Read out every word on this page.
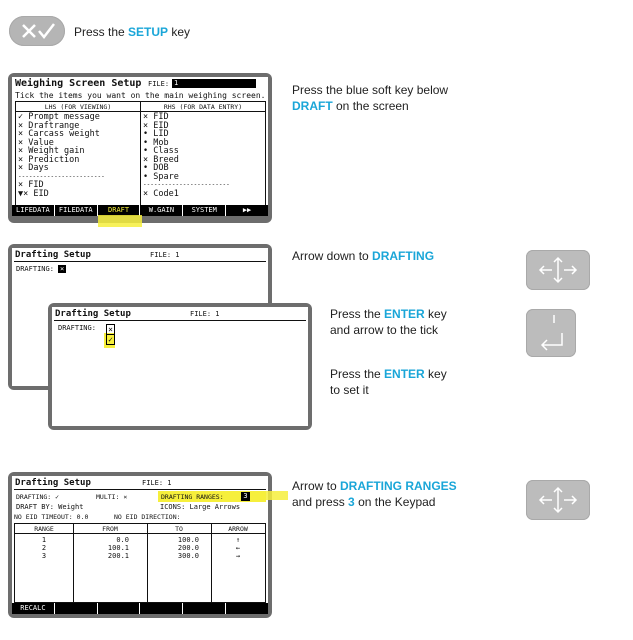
Press the SETUP key
Weighing Screen Setup FILE: 1
Tick the items you want on the main weighing screen.
LHS (FOR VIEWING)	RHS (FOR DATA ENTRY)
✓ Prompt message
× Draftrange
× Carcass weight
× Value
× Weight gain
× Prediction
× Days
------------------------
× FID
▼× EID
× FID
× EID
• LID
• Mob
• Class
× Breed
• DOB
• Spare
------------------------
× Code1
LIFEDATA	FILEDATA	DRAFT	W.GAIN	SYSTEM	▶▶
Press the blue soft key below
DRAFT on the screen
Drafting Setup	FILE: 1
DRAFTING: ×
Drafting Setup	FILE: 1
DRAFTING: ×
✓
Arrow down to DRAFTING
Press the ENTER key
and arrow to the tick
Press the ENTER key
to set it
Drafting Setup	FILE: 1
DRAFTING: ✓	MULTI: ×	DRAFTING RANGES:	3
DRAFT BY: Weight	ICONS: Large Arrows
NO EID TIMEOUT: 0.0	NO EID DIRECTION:
RANGE	FROM	TO	ARROW
1	0.0	100.0	↑
2	100.1	200.0	←
3	200.1	300.0	→
RECALC
Arrow to DRAFTING RANGES
and press 3 on the Keypad
